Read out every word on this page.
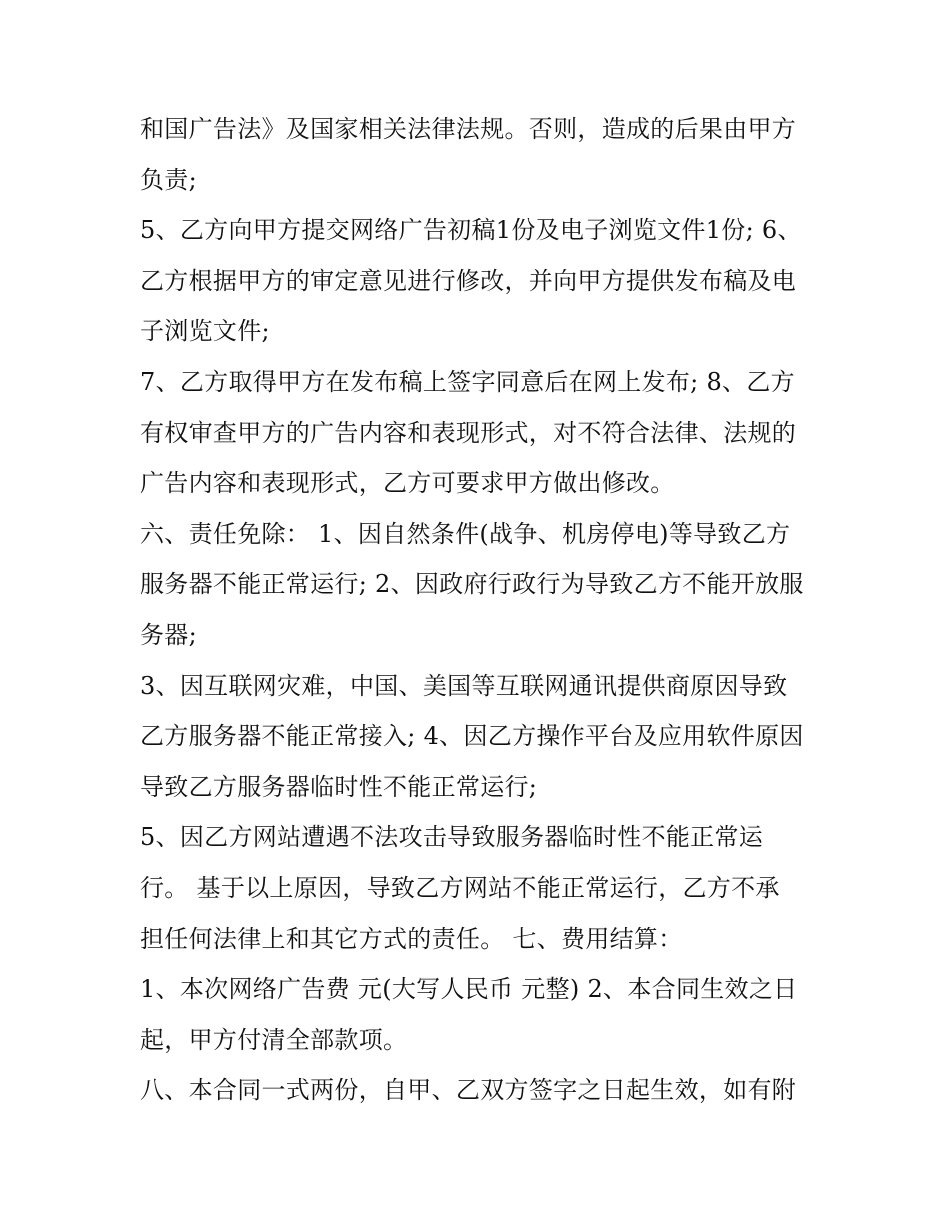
和国广告法》及国家相关法律法规。否则，造成的后果由甲方
负责;
5、乙方向甲方提交网络广告初稿1份及电子浏览文件1份; 6、
乙方根据甲方的审定意见进行修改，并向甲方提供发布稿及电
子浏览文件;
7、乙方取得甲方在发布稿上签字同意后在网上发布; 8、乙方
有权审查甲方的广告内容和表现形式，对不符合法律、法规的
广告内容和表现形式，乙方可要求甲方做出修改。
六、责任免除： 1、因自然条件(战争、机房停电)等导致乙方
服务器不能正常运行; 2、因政府行政行为导致乙方不能开放服
务器;
3、因互联网灾难，中国、美国等互联网通讯提供商原因导致
乙方服务器不能正常接入; 4、因乙方操作平台及应用软件原因
导致乙方服务器临时性不能正常运行;
5、因乙方网站遭遇不法攻击导致服务器临时性不能正常运
行。 基于以上原因，导致乙方网站不能正常运行，乙方不承
担任何法律上和其它方式的责任。 七、费用结算：
1、本次网络广告费 元(大写人民币 元整) 2、本合同生效之日
起，甲方付清全部款项。
八、本合同一式两份，自甲、乙双方签字之日起生效，如有附
